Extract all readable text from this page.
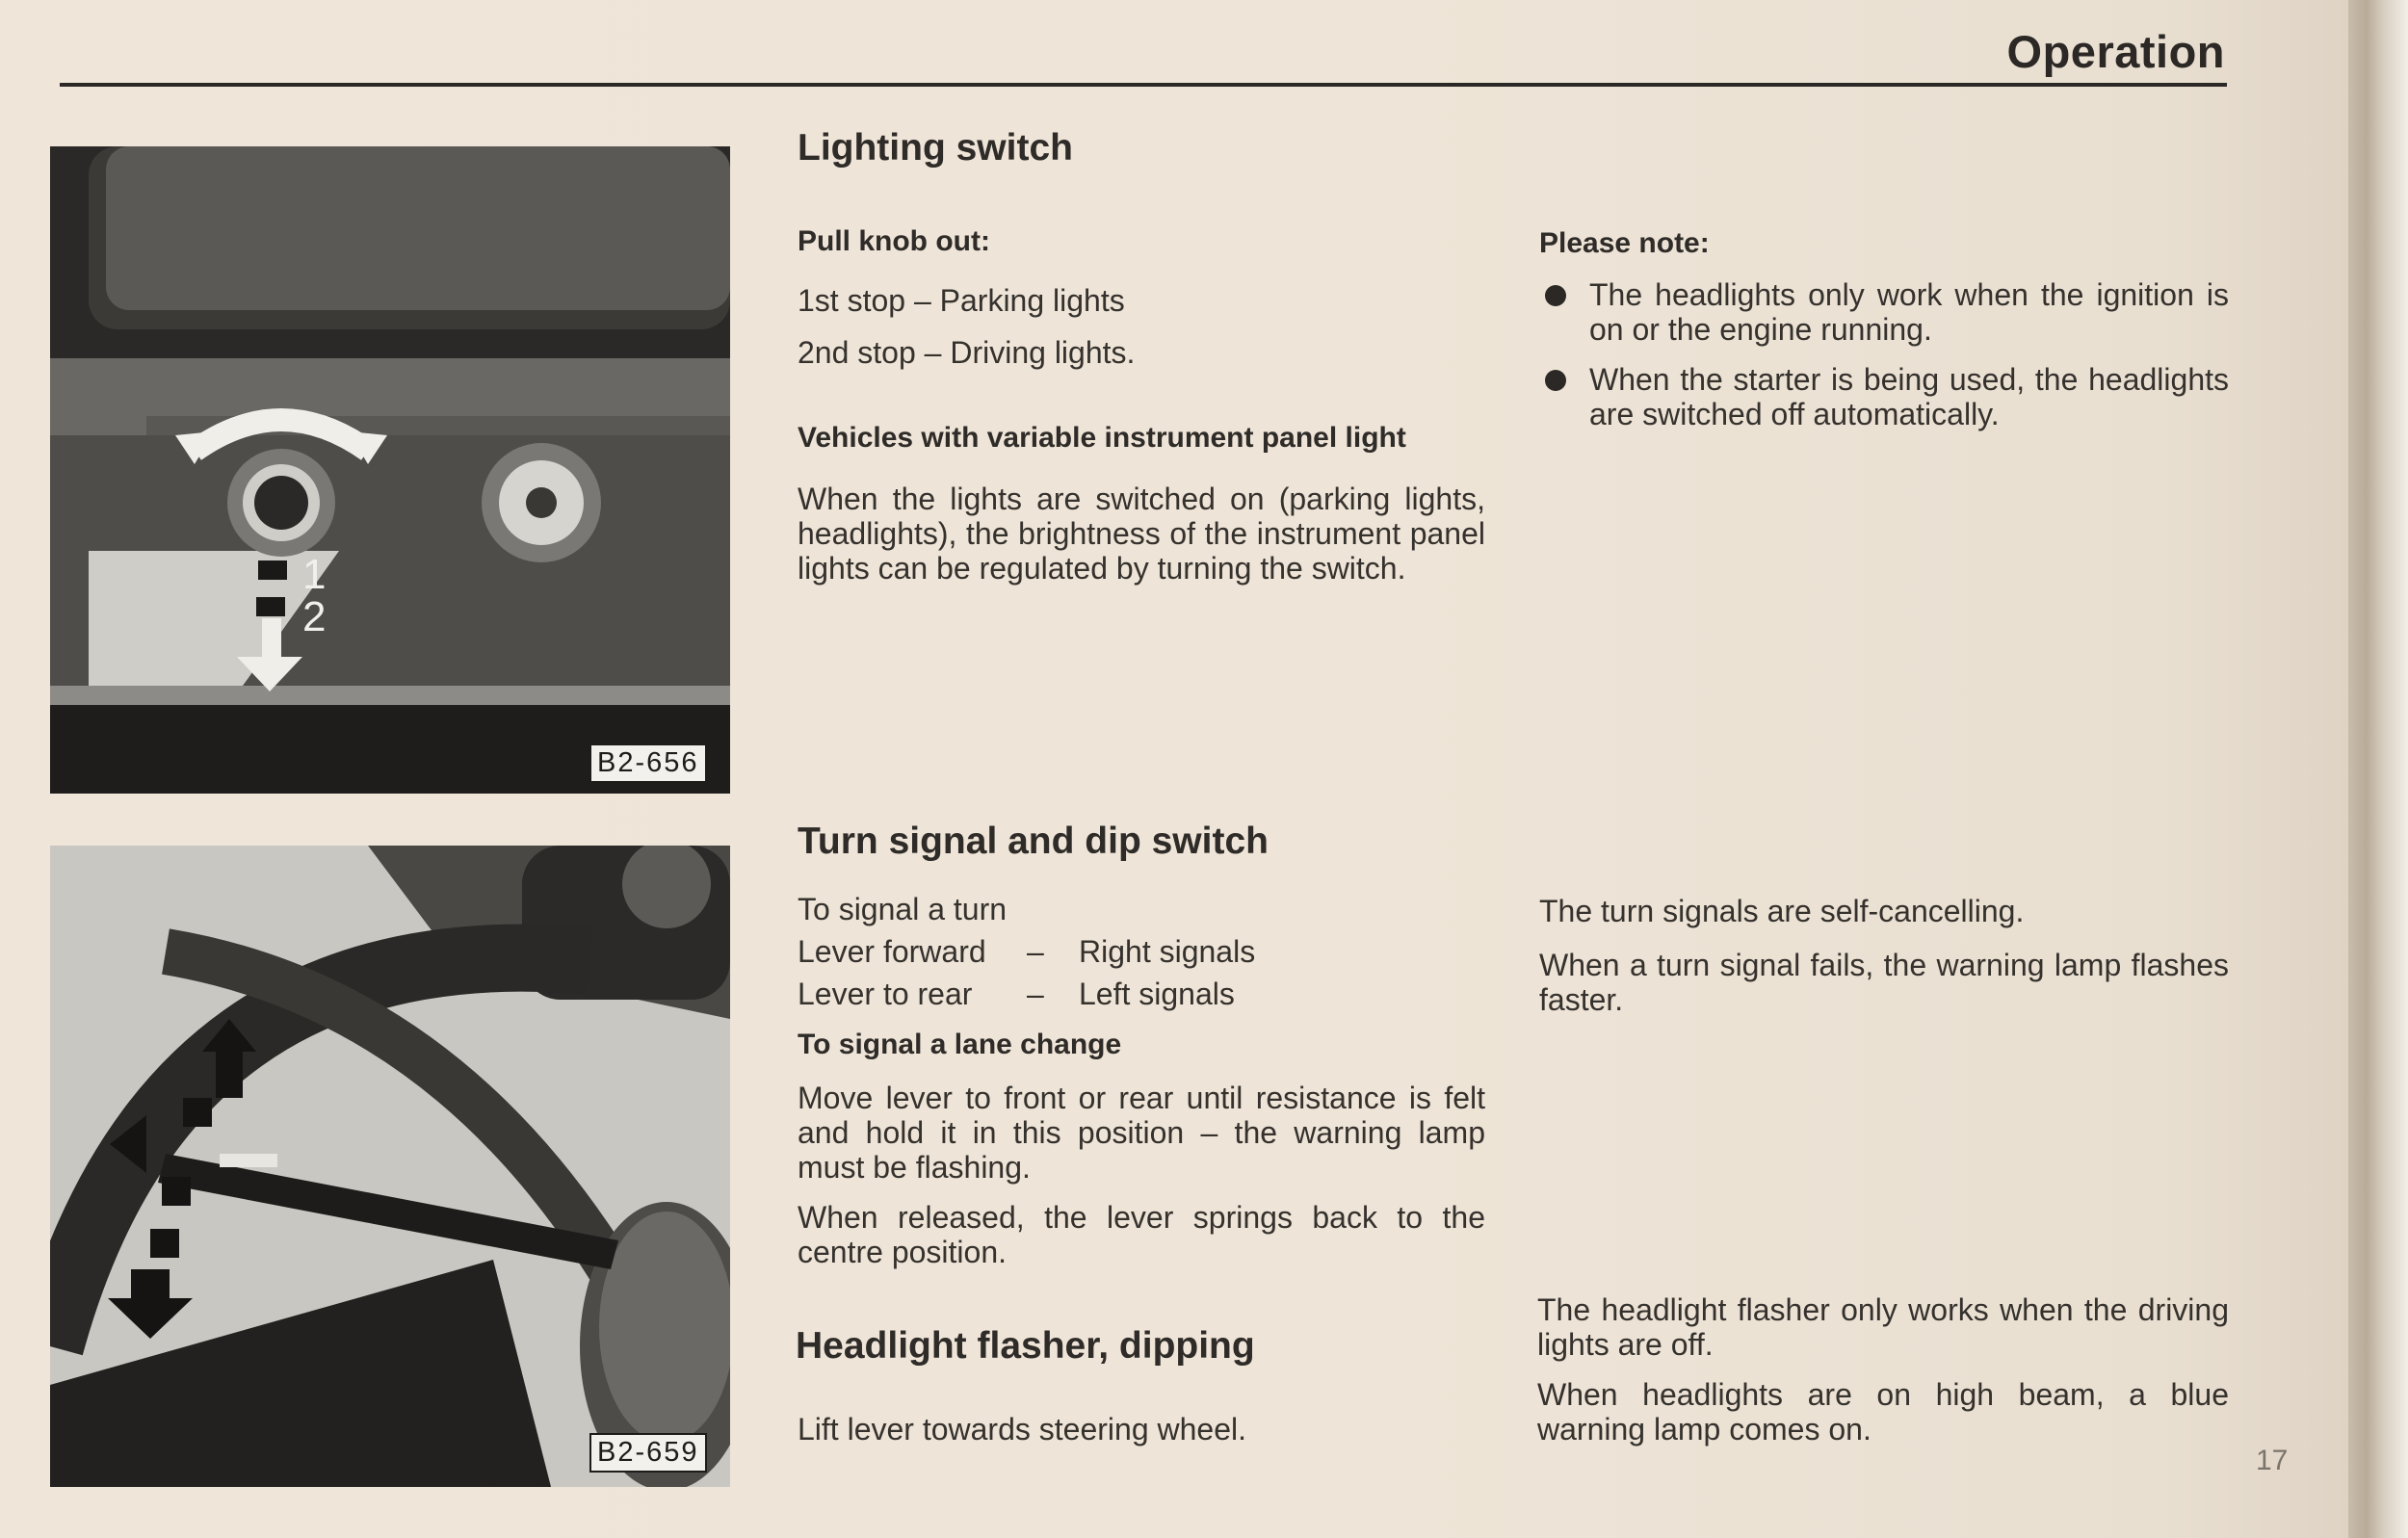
Operation
1
2
B2-656
B2-659
Lighting switch
Pull knob out:
1st stop – Parking lights
2nd stop – Driving lights.
Vehicles with variable instrument panel light
When the lights are switched on (parking lights, headlights), the brightness of the instrument panel lights can be regulated by turning the switch.
Please note:
The headlights only work when the ignition is on or the engine running.
When the starter is being used, the headlights are switched off automatically.
Turn signal and dip switch
To signal a turn
Lever forward – Right signals
Lever to rear – Left signals
To signal a lane change
Move lever to front or rear until resistance is felt and hold it in this position – the warning lamp must be flashing.
When released, the lever springs back to the centre position.
The turn signals are self-cancelling.
When a turn signal fails, the warning lamp flashes faster.
Headlight flasher, dipping
Lift lever towards steering wheel.
The headlight flasher only works when the driving lights are off.
When headlights are on high beam, a blue warning lamp comes on.
17
